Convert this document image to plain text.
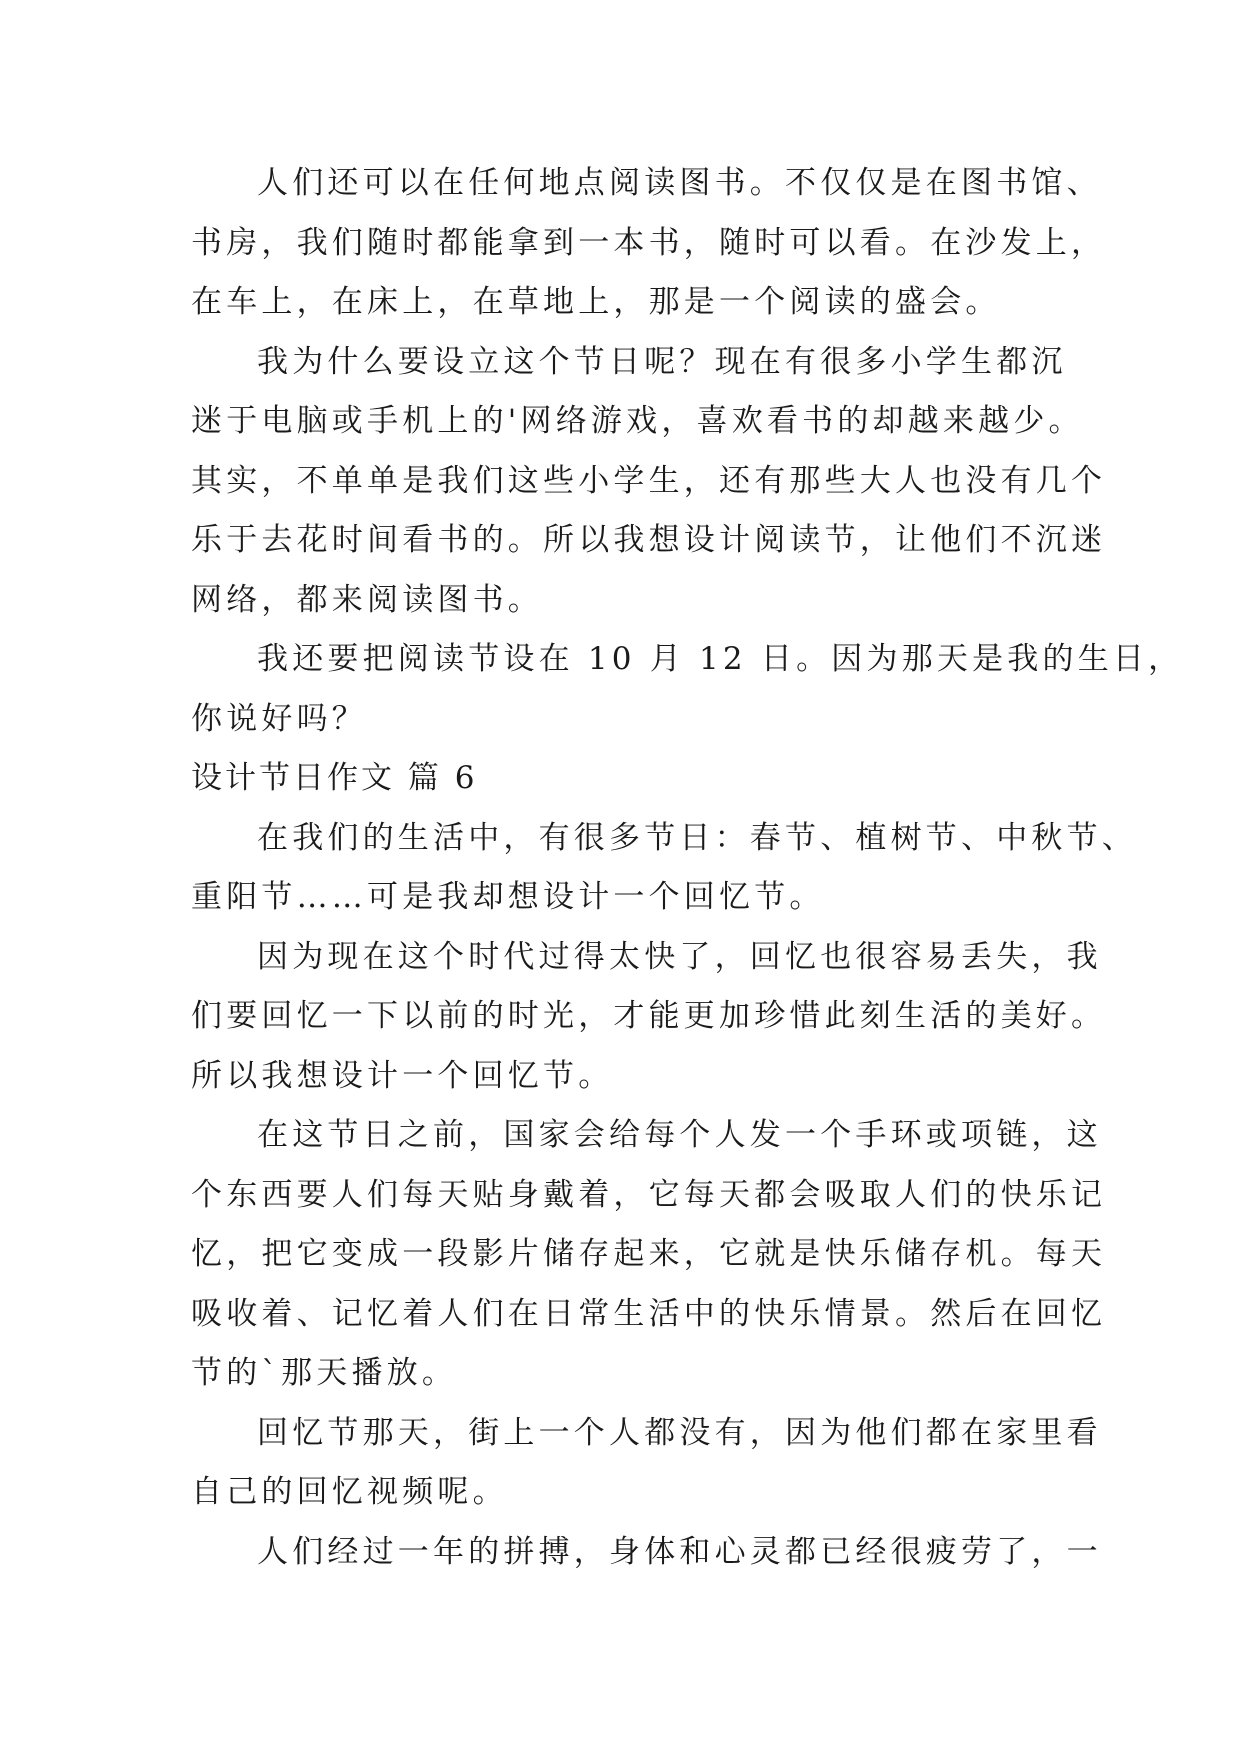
人们还可以在任何地点阅读图书。不仅仅是在图书馆、
书房，我们随时都能拿到一本书，随时可以看。在沙发上，
在车上，在床上，在草地上，那是一个阅读的盛会。
我为什么要设立这个节日呢？现在有很多小学生都沉
迷于电脑或手机上的'网络游戏，喜欢看书的却越来越少。
其实，不单单是我们这些小学生，还有那些大人也没有几个
乐于去花时间看书的。所以我想设计阅读节，让他们不沉迷
网络，都来阅读图书。
我还要把阅读节设在 10 月 12 日。因为那天是我的生日，
你说好吗？
设计节日作文 篇 6
在我们的生活中，有很多节日：春节、植树节、中秋节、
重阳节……可是我却想设计一个回忆节。
因为现在这个时代过得太快了，回忆也很容易丢失，我
们要回忆一下以前的时光，才能更加珍惜此刻生活的美好。
所以我想设计一个回忆节。
在这节日之前，国家会给每个人发一个手环或项链，这
个东西要人们每天贴身戴着，它每天都会吸取人们的快乐记
忆，把它变成一段影片储存起来，它就是快乐储存机。每天
吸收着、记忆着人们在日常生活中的快乐情景。然后在回忆
节的`那天播放。
回忆节那天，街上一个人都没有，因为他们都在家里看
自己的回忆视频呢。
人们经过一年的拼搏，身体和心灵都已经很疲劳了，一
